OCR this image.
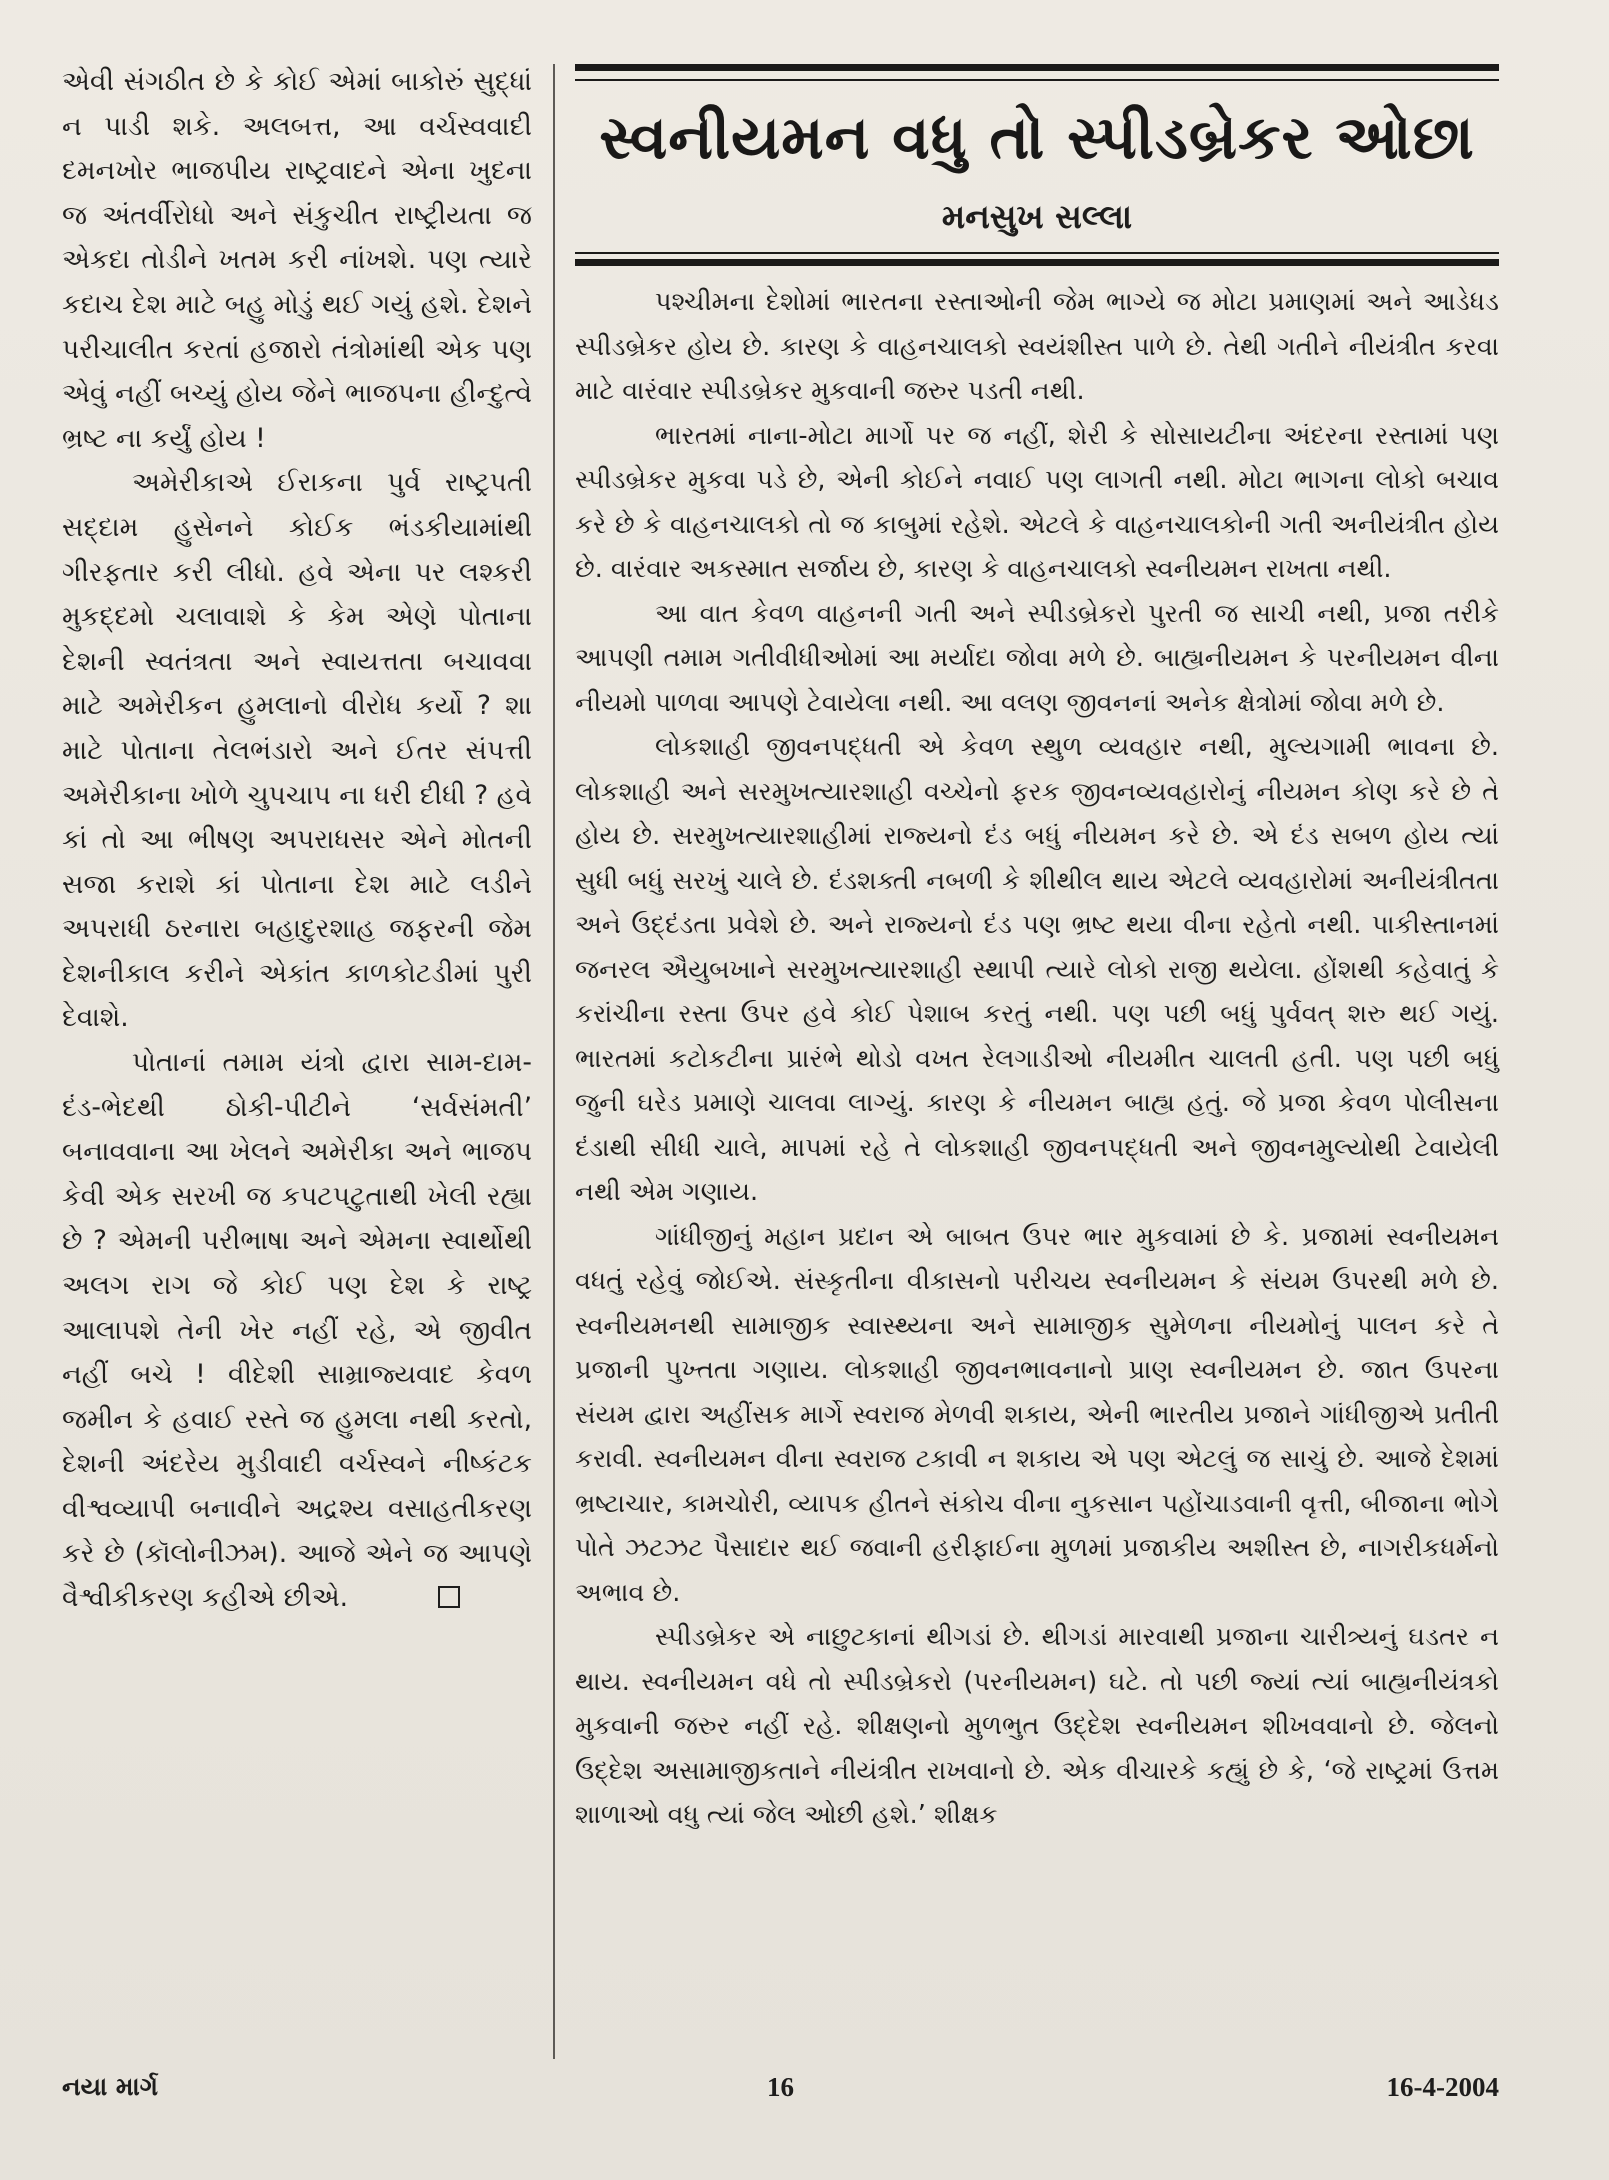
એવી સંગઠીત છે કે કોઈ એમાં બાકોરું સુદ્ધાં ન પાડી શકે. અલબત્ત, આ વર્ચસ્વવાદી દમનખોર ભાજપીય રાષ્ટ્રવાદને એના ખુદના જ અંતર્વીરોધો અને સંકુચીત રાષ્ટ્રીયતા જ એકદા તોડીને ખતમ કરી નાંખશે. પણ ત્યારે કદાચ દેશ માટે બહુ મોડું થઈ ગયું હશે. દેશને પરીચાલીત કરતાં હજારો તંત્રોમાંથી એક પણ એવું નહીં બચ્યું હોય જેને ભાજપના હીન્દુત્વે ભ્રષ્ટ ના કર્યું હોય !

અમેરીકાએ ઈરાકના પુર્વ રાષ્ટ્રપતી સદ્દામ હુસેનને કોઈક ભંડકીયામાંથી ગીરફતાર કરી લીધો. હવે એના પર લશ્કરી મુકદ્દમો ચલાવાશે કે કેમ એણે પોતાના દેશની સ્વતંત્રતા અને સ્વાયત્તતા બચાવવા માટે અમેરીકન હુમલાનો વીરોધ કર્યો ? શા માટે પોતાના તેલભંડારો અને ઈતર સંપત્તી અમેરીકાના ખોળે ચુપચાપ ના ધરી દીધી ? હવે કાં તો આ ભીષણ અપરાધસર એને મોતની સજા કરાશે કાં પોતાના દેશ માટે લડીને અપરાધી ઠરનારા બહાદુરશાહ જફરની જેમ દેશનીકાલ કરીને એકાંત કાળકોટડીમાં પુરી દેવાશે.

પોતાનાં તમામ યંત્રો દ્વારા સામ-દામ-દંડ-ભેદથી ઠોકી-પીટીને ‘સર્વસંમતી’ બનાવવાના આ ખેલને અમેરીકા અને ભાજપ કેવી એક સરખી જ કપટપટુતાથી ખેલી રહ્યા છે ? એમની પરીભાષા અને એમના સ્વાર્થોથી અલગ રાગ જે કોઈ પણ દેશ કે રાષ્ટ્ર આલાપશે તેની ખેર નહીં રહે, એ જીવીત નહીં બચે ! વીદેશી સામ્રાજ્યવાદ કેવળ જમીન કે હવાઈ રસ્તે જ હુમલા નથી કરતો, દેશની અંદરેય મુડીવાદી વર્ચસ્વને નીષ્કંટક વીશ્વવ્યાપી બનાવીને અદ્રશ્ય વસાહતીકરણ કરે છે (કૉલોનીઝમ). આજે એને જ આપણે વૈશ્વીકીકરણ કહીએ છીએ.

સ્વનીયમન વધુ તો સ્પીડબ્રેકર ઓછા
મનસુખ સલ્લા

પશ્ચીમના દેશોમાં ભારતના રસ્તાઓની જેમ ભાગ્યે જ મોટા પ્રમાણમાં અને આડેધડ સ્પીડબ્રેકર હોય છે. કારણ કે વાહનચાલકો સ્વયંશીસ્ત પાળે છે. તેથી ગતીને નીયંત્રીત કરવા માટે વારંવાર સ્પીડબ્રેકર મુકવાની જરુર પડતી નથી.

ભારતમાં નાના-મોટા માર્ગો પર જ નહીં, શેરી કે સોસાયટીના અંદરના રસ્તામાં પણ સ્પીડબ્રેકર મુકવા પડે છે, એની કોઈને નવાઈ પણ લાગતી નથી. મોટા ભાગના લોકો બચાવ કરે છે કે વાહનચાલકો તો જ કાબુમાં રહેશે. એટલે કે વાહનચાલકોની ગતી અનીયંત્રીત હોય છે. વારંવાર અકસ્માત સર્જાય છે, કારણ કે વાહનચાલકો સ્વનીયમન રાખતા નથી.

આ વાત કેવળ વાહનની ગતી અને સ્પીડબ્રેકરો પુરતી જ સાચી નથી, પ્રજા તરીકે આપણી તમામ ગતીવીધીઓમાં આ મર્યાદા જોવા મળે છે. બાહ્યનીયમન કે પરનીયમન વીના નીયમો પાળવા આપણે ટેવાયેલા નથી. આ વલણ જીવનનાં અનેક ક્ષેત્રોમાં જોવા મળે છે.

લોકશાહી જીવનપદ્ધતી એ કેવળ સ્થુળ વ્યવહાર નથી, મુલ્યગામી ભાવના છે. લોકશાહી અને સરમુખત્યારશાહી વચ્ચેનો ફરક જીવનવ્યવહારોનું નીયમન કોણ કરે છે તે હોય છે. સરમુખત્યારશાહીમાં રાજ્યનો દંડ બધું નીયમન કરે છે. એ દંડ સબળ હોય ત્યાં સુધી બધું સરખું ચાલે છે. દંડશક્તી નબળી કે શીથીલ થાય એટલે વ્યવહારોમાં અનીયંત્રીતતા અને ઉદ્દંડતા પ્રવેશે છે. અને રાજ્યનો દંડ પણ ભ્રષ્ટ થયા વીના રહેતો નથી. પાકીસ્તાનમાં જનરલ ઐયુબખાને સરમુખત્યારશાહી સ્થાપી ત્યારે લોકો રાજી થયેલા. હોંશથી કહેવાતું કે કરાંચીના રસ્તા ઉપર હવે કોઈ પેશાબ કરતું નથી. પણ પછી બધું પુર્વવત્ શરુ થઈ ગયું. ભારતમાં કટોકટીના પ્રારંભે થોડો વખત રેલગાડીઓ નીયમીત ચાલતી હતી. પણ પછી બધું જુની ઘરેડ પ્રમાણે ચાલવા લાગ્યું. કારણ કે નીયમન બાહ્ય હતું. જે પ્રજા કેવળ પોલીસના દંડાથી સીધી ચાલે, માપમાં રહે તે લોકશાહી જીવનપદ્ધતી અને જીવનમુલ્યોથી ટેવાયેલી નથી એમ ગણાય.

ગાંધીજીનું મહાન પ્રદાન એ બાબત ઉપર ભાર મુકવામાં છે કે. પ્રજામાં સ્વનીયમન વધતું રહેવું જોઈએ. સંસ્કૃતીના વીકાસનો પરીચય સ્વનીયમન કે સંયમ ઉપરથી મળે છે. સ્વનીયમનથી સામાજીક સ્વાસ્થ્યના અને સામાજીક સુમેળના નીયમોનું પાલન કરે તે પ્રજાની પુખ્તતા ગણાય. લોકશાહી જીવનભાવનાનો પ્રાણ સ્વનીયમન છે. જાત ઉપરના સંયમ દ્વારા અહીંસક માર્ગે સ્વરાજ મેળવી શકાય, એની ભારતીય પ્રજાને ગાંધીજીએ પ્રતીતી કરાવી. સ્વનીયમન વીના સ્વરાજ ટકાવી ન શકાય એ પણ એટલું જ સાચું છે. આજે દેશમાં ભ્રષ્ટાચાર, કામચોરી, વ્યાપક હીતને સંકોચ વીના નુકસાન પહોંચાડવાની વૃત્તી, બીજાના ભોગે પોતે ઝટઝટ પૈસાદાર થઈ જવાની હરીફાઈના મુળમાં પ્રજાકીય અશીસ્ત છે, નાગરીકધર્મનો અભાવ છે.

સ્પીડબ્રેકર એ નાછુટકાનાં થીગડાં છે. થીગડાં મારવાથી પ્રજાના ચારીત્ર્યનું ઘડતર ન થાય. સ્વનીયમન વધે તો સ્પીડબ્રેકરો (પરનીયમન) ઘટે. તો પછી જ્યાં ત્યાં બાહ્યનીયંત્રકો મુકવાની જરુર નહીં રહે. શીક્ષણનો મુળભુત ઉદ્દેશ સ્વનીયમન શીખવવાનો છે. જેલનો ઉદ્દેશ અસામાજીકતાને નીયંત્રીત રાખવાનો છે. એક વીચારકે કહ્યું છે કે, ‘જે રાષ્ટ્રમાં ઉત્તમ શાળાઓ વધુ ત્યાં જેલ ઓછી હશે.’ શીક્ષક

નયા માર્ગ	16	16-4-2004
